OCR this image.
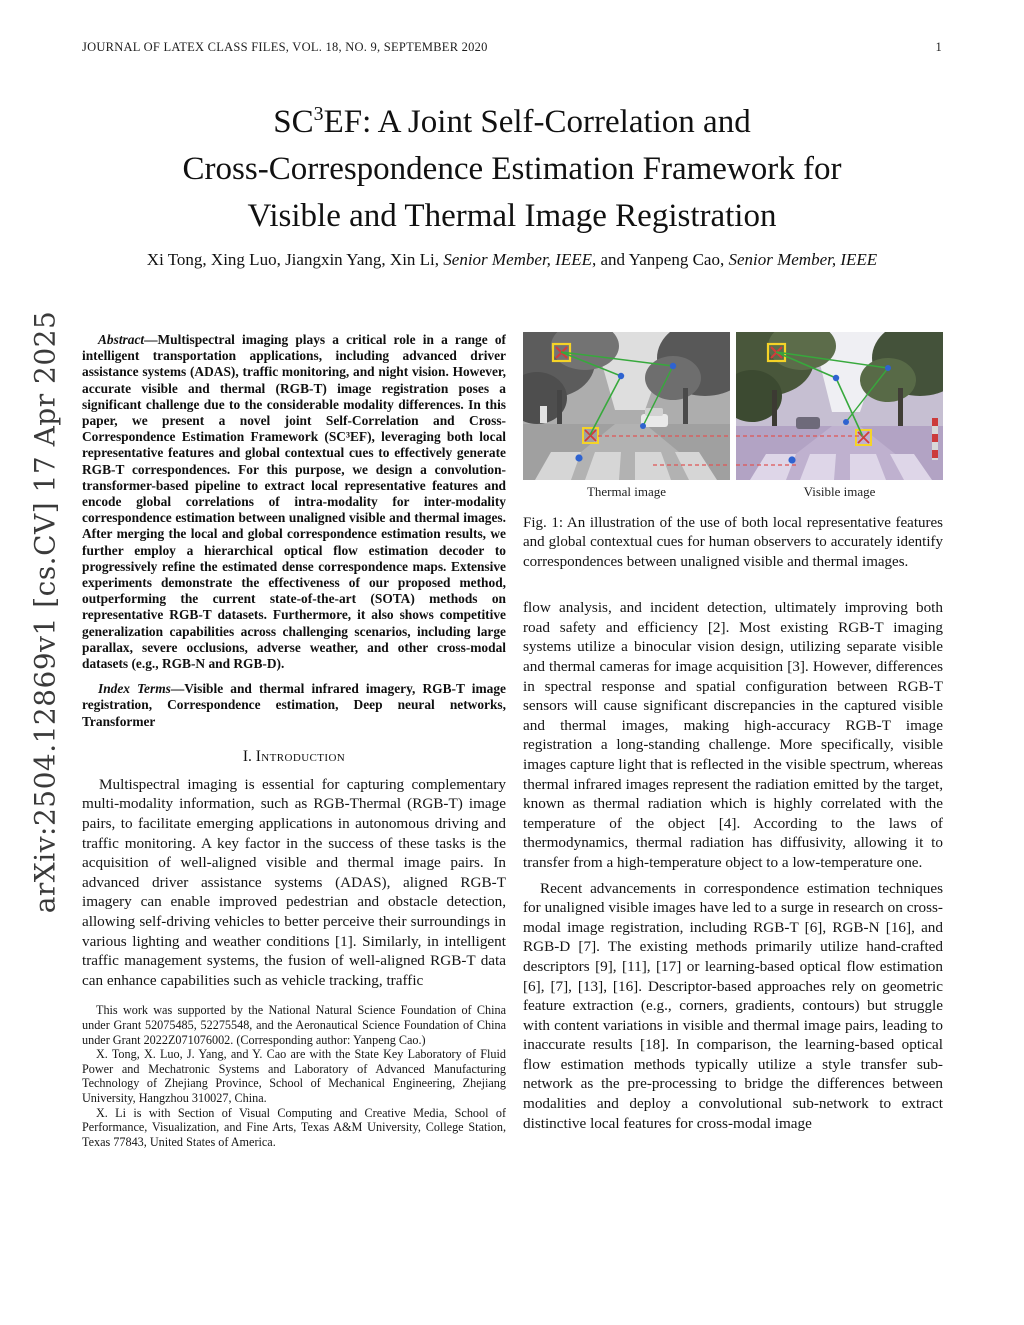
JOURNAL OF LATEX CLASS FILES, VOL. 18, NO. 9, SEPTEMBER 2020	1
arXiv:2504.12869v1 [cs.CV] 17 Apr 2025
$SC^3EF$: A Joint Self-Correlation and
Cross-Correspondence Estimation Framework for
Visible and Thermal Image Registration
Xi Tong, Xing Luo, Jiangxin Yang, Xin Li, Senior Member, IEEE, and Yanpeng Cao, Senior Member, IEEE

Abstract—Multispectral imaging plays a critical role in a range of intelligent transportation applications, including advanced driver assistance systems (ADAS), traffic monitoring, and night vision. However, accurate visible and thermal (RGB-T) image registration poses a significant challenge due to the considerable modality differences. In this paper, we present a novel joint Self-Correlation and Cross-Correspondence Estimation Framework (SC³EF), leveraging both local representative features and global contextual cues to effectively generate RGB-T correspondences. For this purpose, we design a convolution-transformer-based pipeline to extract local representative features and encode global correlations of intra-modality for inter-modality correspondence estimation between unaligned visible and thermal images. After merging the local and global correspondence estimation results, we further employ a hierarchical optical flow estimation decoder to progressively refine the estimated dense correspondence maps. Extensive experiments demonstrate the effectiveness of our proposed method, outperforming the current state-of-the-art (SOTA) methods on representative RGB-T datasets. Furthermore, it also shows competitive generalization capabilities across challenging scenarios, including large parallax, severe occlusions, adverse weather, and other cross-modal datasets (e.g., RGB-N and RGB-D).

Index Terms—Visible and thermal infrared imagery, RGB-T image registration, Correspondence estimation, Deep neural networks, Transformer

I. Introduction

Multispectral imaging is essential for capturing complementary multi-modality information, such as RGB-Thermal (RGB-T) image pairs, to facilitate emerging applications in autonomous driving and traffic monitoring. A key factor in the success of these tasks is the acquisition of well-aligned visible and thermal image pairs. In advanced driver assistance systems (ADAS), aligned RGB-T imagery can enable improved pedestrian and obstacle detection, allowing self-driving vehicles to better perceive their surroundings in various lighting and weather conditions [1]. Similarly, in intelligent traffic management systems, the fusion of well-aligned RGB-T data can enhance capabilities such as vehicle tracking, traffic

This work was supported by the National Natural Science Foundation of China under Grant 52075485, 52275548, and the Aeronautical Science Foundation of China under Grant 2022Z071076002. (Corresponding author: Yanpeng Cao.)

X. Tong, X. Luo, J. Yang, and Y. Cao are with the State Key Laboratory of Fluid Power and Mechatronic Systems and Laboratory of Advanced Manufacturing Technology of Zhejiang Province, School of Mechanical Engineering, Zhejiang University, Hangzhou 310027, China.

X. Li is with Section of Visual Computing and Creative Media, School of Performance, Visualization, and Fine Arts, Texas A&M University, College Station, Texas 77843, United States of America.

Thermal image	Visible image

Fig. 1: An illustration of the use of both local representative features and global contextual cues for human observers to accurately identify correspondences between unaligned visible and thermal images.

flow analysis, and incident detection, ultimately improving both road safety and efficiency [2]. Most existing RGB-T imaging systems utilize a binocular vision design, utilizing separate visible and thermal cameras for image acquisition [3]. However, differences in spectral response and spatial configuration between RGB-T sensors will cause significant discrepancies in the captured visible and thermal images, making high-accuracy RGB-T image registration a long-standing challenge. More specifically, visible images capture light that is reflected in the visible spectrum, whereas thermal infrared images represent the radiation emitted by the target, known as thermal radiation which is highly correlated with the temperature of the object [4]. According to the laws of thermodynamics, thermal radiation has diffusivity, allowing it to transfer from a high-temperature object to a low-temperature one.

Recent advancements in correspondence estimation techniques for unaligned visible images have led to a surge in research on cross-modal image registration, including RGB-T [6], RGB-N [16], and RGB-D [7]. The existing methods primarily utilize hand-crafted descriptors [9], [11], [17] or learning-based optical flow estimation [6], [7], [13], [16]. Descriptor-based approaches rely on geometric feature extraction (e.g., corners, gradients, contours) but struggle with content variations in visible and thermal image pairs, leading to inaccurate results [18]. In comparison, the learning-based optical flow estimation methods typically utilize a style transfer sub-network as the pre-processing to bridge the differences between modalities and deploy a convolutional sub-network to extract distinctive local features for cross-modal image
